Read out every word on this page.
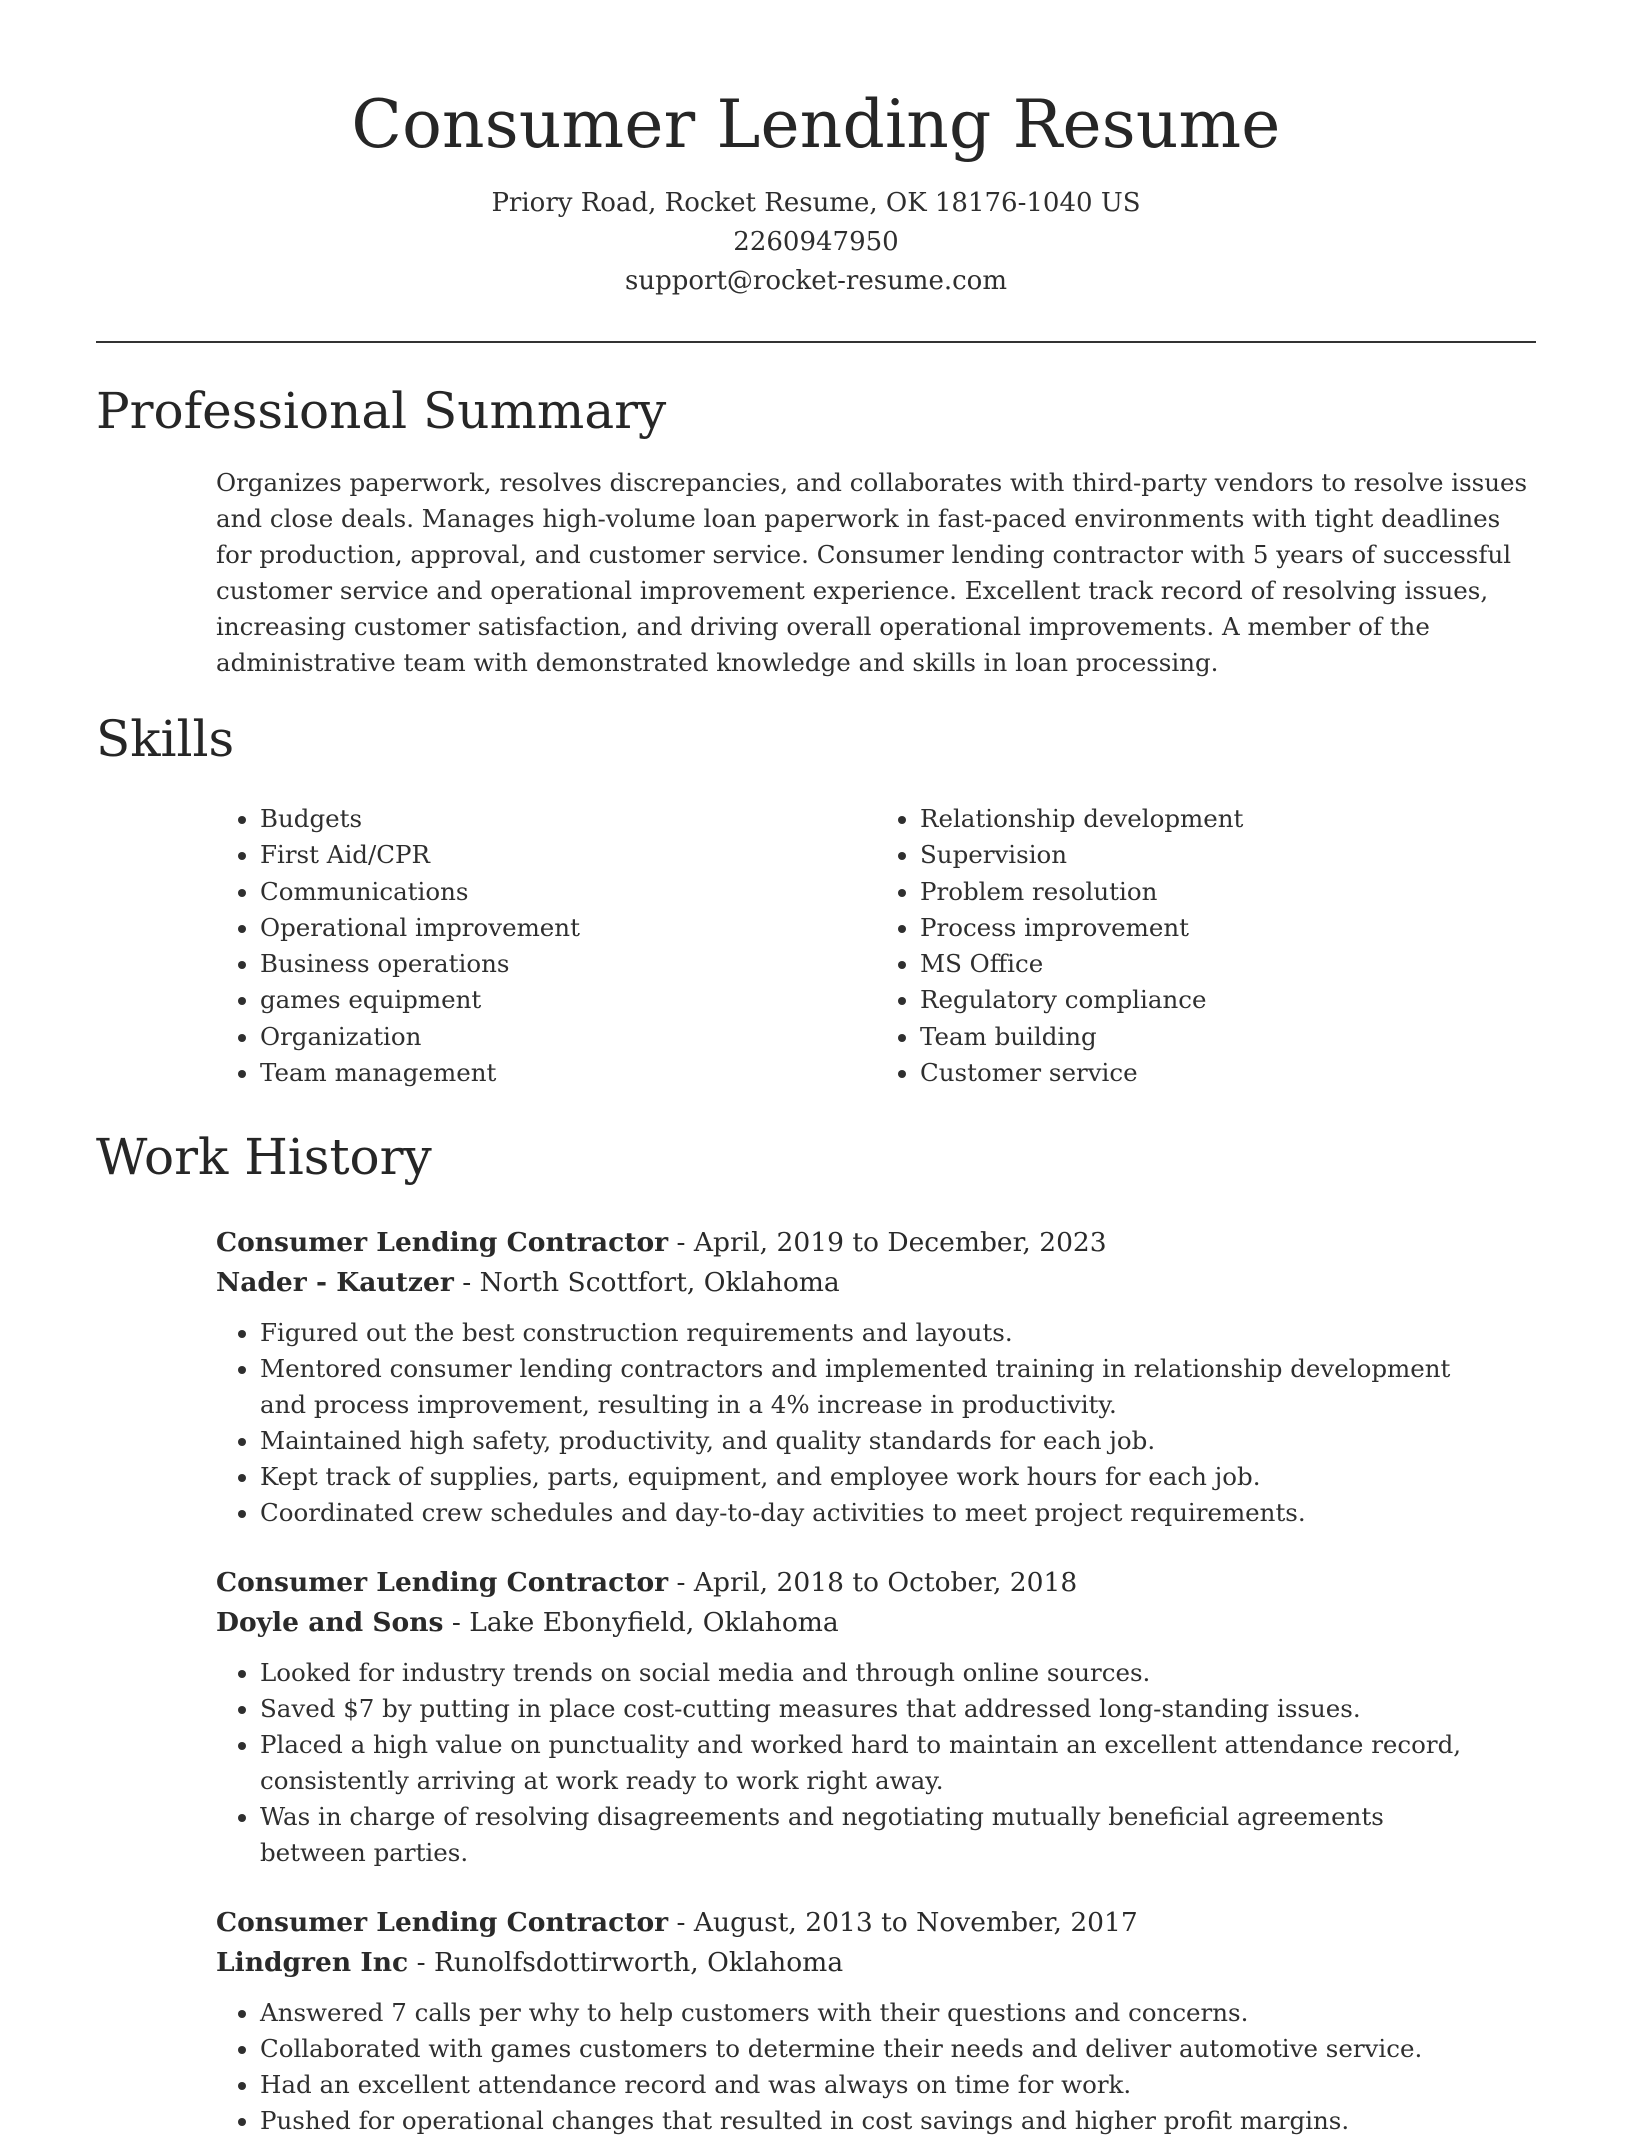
Consumer Lending Resume
Priory Road, Rocket Resume, OK 18176-1040 US
2260947950
support@rocket-resume.com
Professional Summary

Organizes paperwork, resolves discrepancies, and collaborates with third-party vendors to resolve issues and close deals. Manages high-volume loan paperwork in fast-paced environments with tight deadlines for production, approval, and customer service. Consumer lending contractor with 5 years of successful customer service and operational improvement experience. Excellent track record of resolving issues, increasing customer satisfaction, and driving overall operational improvements. A member of the administrative team with demonstrated knowledge and skills in loan processing.

Skills
• Budgets
• First Aid/CPR
• Communications
• Operational improvement
• Business operations
• games equipment
• Organization
• Team management
• Relationship development
• Supervision
• Problem resolution
• Process improvement
• MS Office
• Regulatory compliance
• Team building
• Customer service
Work History
Consumer Lending Contractor - April, 2019 to December, 2023
Nader - Kautzer - North Scottfort, Oklahoma
• Figured out the best construction requirements and layouts.
• Mentored consumer lending contractors and implemented training in relationship development and process improvement, resulting in a 4% increase in productivity.
• Maintained high safety, productivity, and quality standards for each job.
• Kept track of supplies, parts, equipment, and employee work hours for each job.
• Coordinated crew schedules and day-to-day activities to meet project requirements.
Consumer Lending Contractor - April, 2018 to October, 2018
Doyle and Sons - Lake Ebonyfield, Oklahoma
• Looked for industry trends on social media and through online sources.
• Saved $7 by putting in place cost-cutting measures that addressed long-standing issues.
• Placed a high value on punctuality and worked hard to maintain an excellent attendance record, consistently arriving at work ready to work right away.
• Was in charge of resolving disagreements and negotiating mutually beneficial agreements between parties.
Consumer Lending Contractor - August, 2013 to November, 2017
Lindgren Inc - Runolfsdottirworth, Oklahoma
• Answered 7 calls per why to help customers with their questions and concerns.
• Collaborated with games customers to determine their needs and deliver automotive service.
• Had an excellent attendance record and was always on time for work.
• Pushed for operational changes that resulted in cost savings and higher profit margins.
